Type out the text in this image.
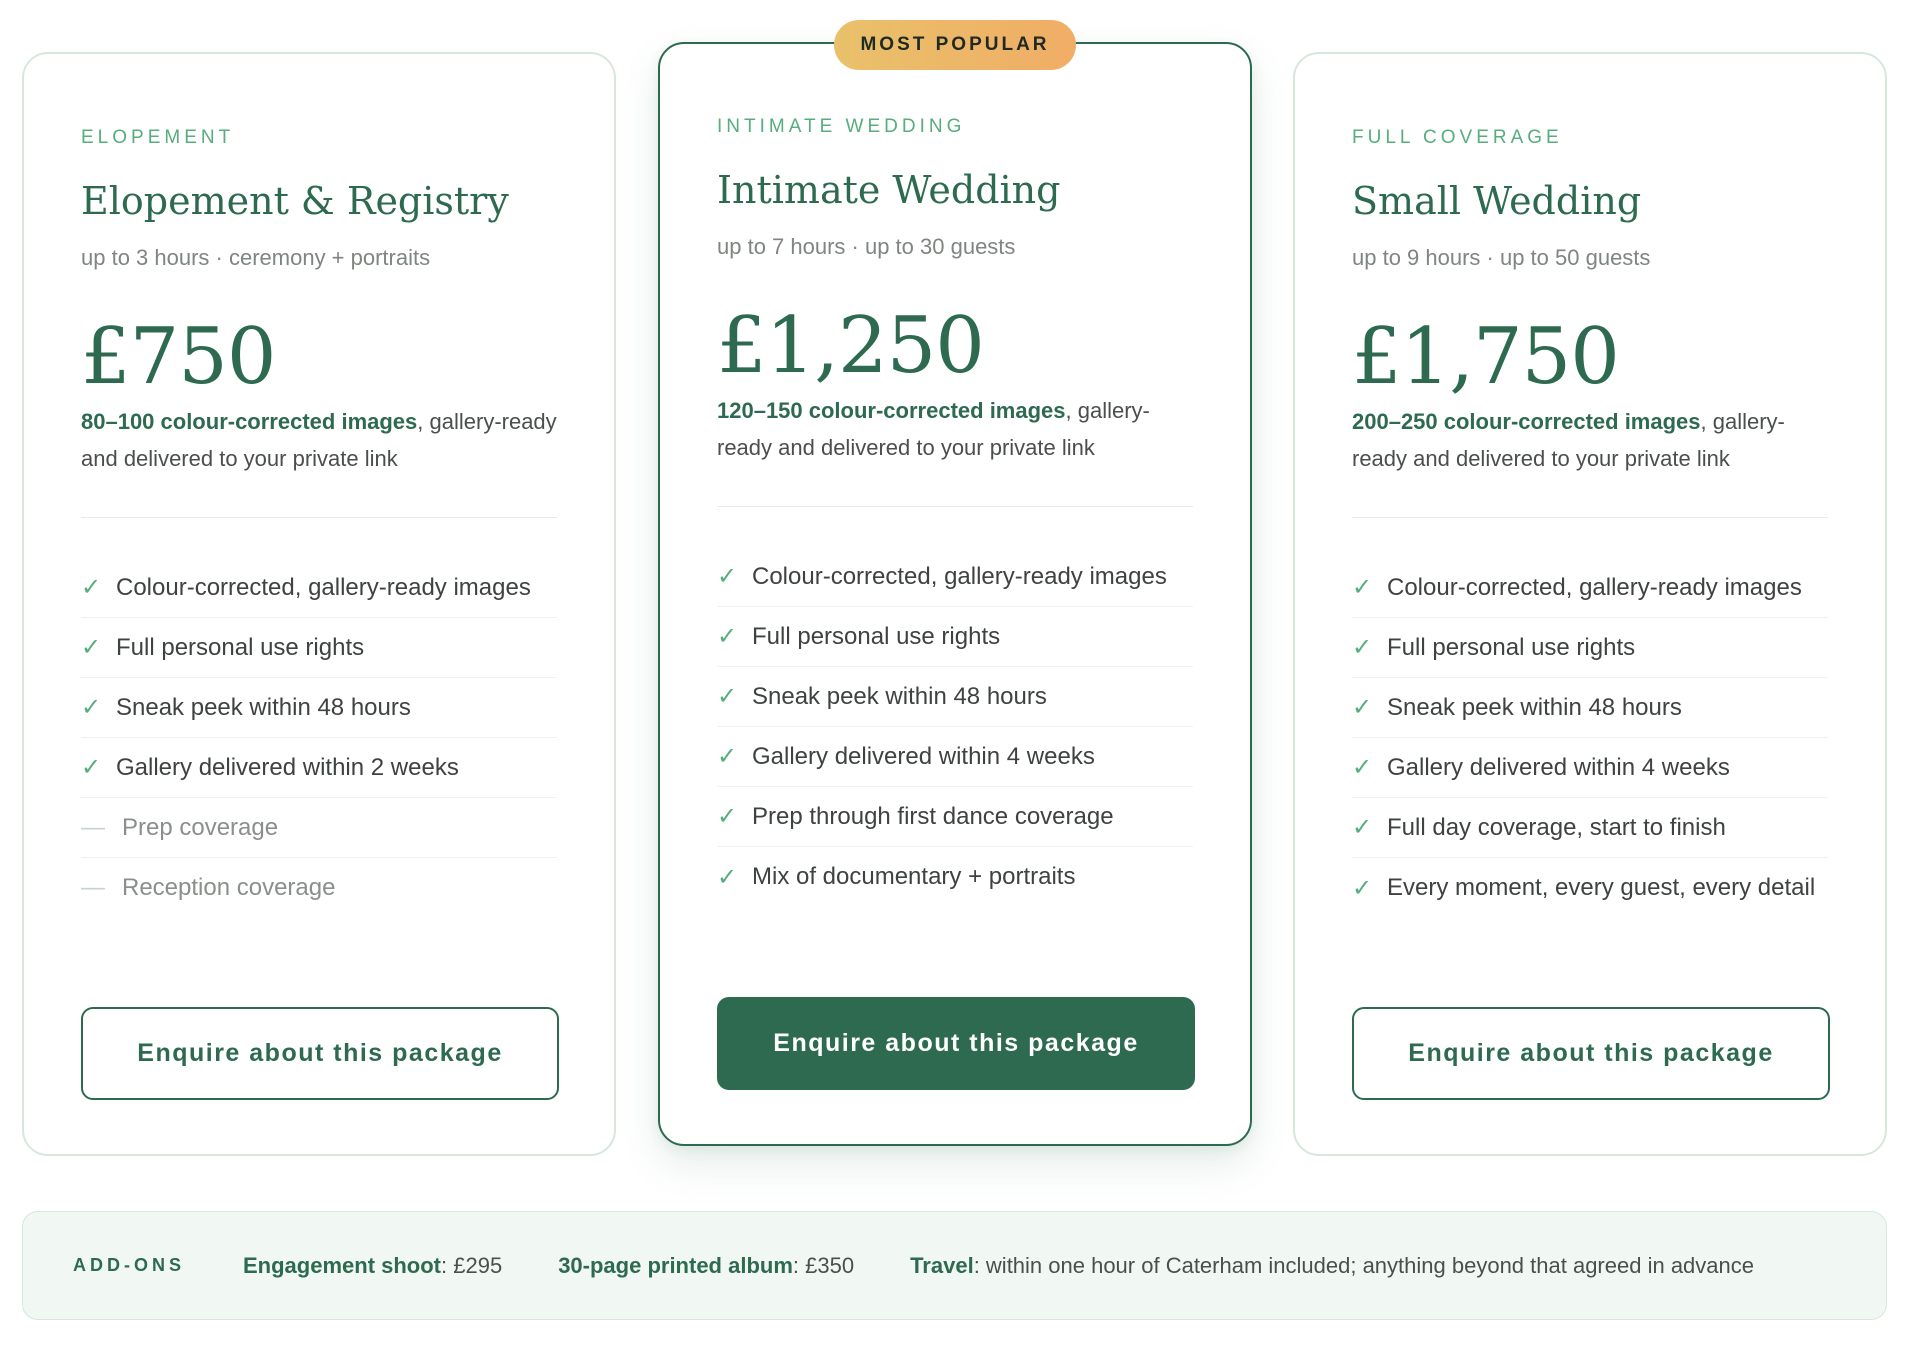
ELOPEMENT
Elopement & Registry
up to 3 hours · ceremony + portraits
£750

80–100 colour-corrected images, gallery-ready and delivered to your private link

✓ Colour-corrected, gallery-ready images
✓ Full personal use rights
✓ Sneak peek within 48 hours
✓ Gallery delivered within 2 weeks
— Prep coverage
— Reception coverage
Enquire about this package
MOST POPULAR
INTIMATE WEDDING
Intimate Wedding
up to 7 hours · up to 30 guests
£1,250

120–150 colour-corrected images, gallery-ready and delivered to your private link

✓ Colour-corrected, gallery-ready images
✓ Full personal use rights
✓ Sneak peek within 48 hours
✓ Gallery delivered within 4 weeks
✓ Prep through first dance coverage
✓ Mix of documentary + portraits
Enquire about this package
FULL COVERAGE
Small Wedding
up to 9 hours · up to 50 guests
£1,750

200–250 colour-corrected images, gallery-ready and delivered to your private link

✓ Colour-corrected, gallery-ready images
✓ Full personal use rights
✓ Sneak peek within 48 hours
✓ Gallery delivered within 4 weeks
✓ Full day coverage, start to finish
✓ Every moment, every guest, every detail
Enquire about this package
ADD-ONS	Engagement shoot: £295	30-page printed album: £350	Travel: within one hour of Caterham included; anything beyond that agreed in advance
